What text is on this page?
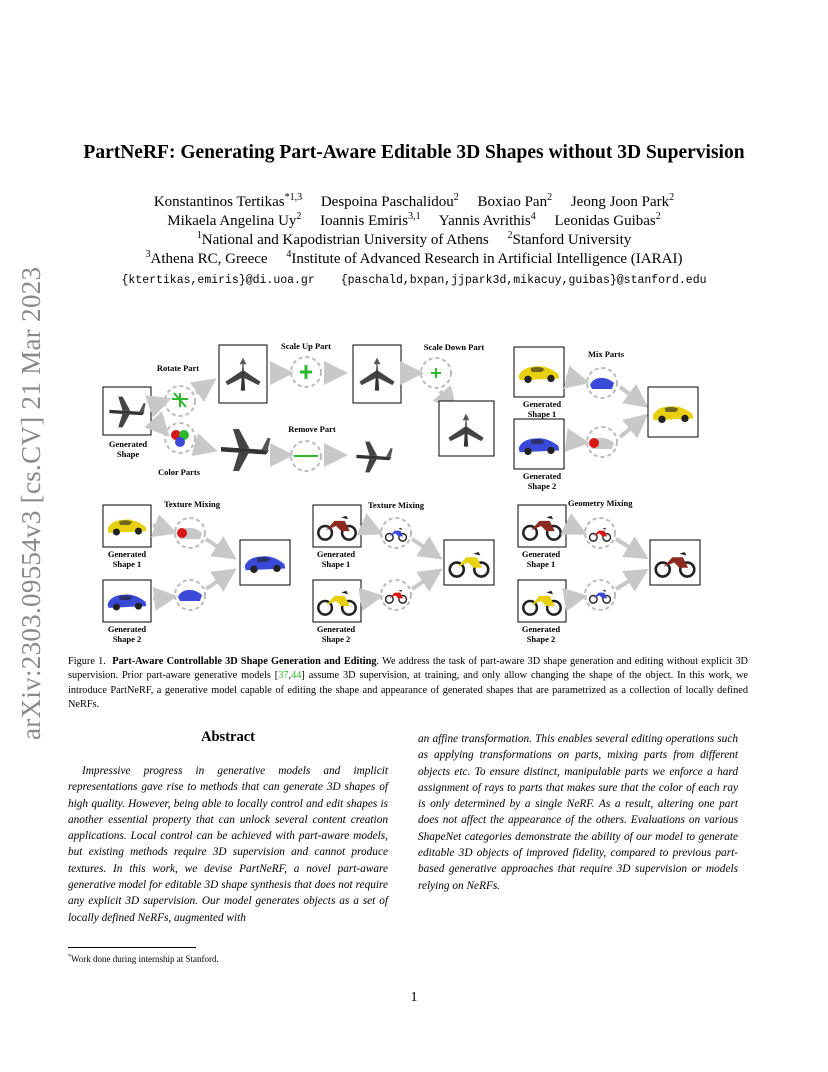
arXiv:2303.09554v3 [cs.CV] 21 Mar 2023
PartNeRF: Generating Part-Aware Editable 3D Shapes without 3D Supervision
Konstantinos Tertikas$^{*1,3}$ Despoina Paschalidou$^2$ Boxiao Pan$^2$ Jeong Joon Park$^2$
Mikaela Angelina Uy$^2$ Ioannis Emiris$^{3,1}$ Yannis Avrithis$^4$ Leonidas Guibas$^2$
$^1$National and Kapodistrian University of Athens $^2$Stanford University
$^3$Athena RC, Greece $^4$Institute of Advanced Research in Artificial Intelligence (IARAI)
{ktertikas,emiris}@di.uoa.gr {paschald,bxpan,jjpark3d,mikacuy,guibas}@stanford.edu
Generated
Shape
Rotate Part
Color Parts
Scale Up Part
Remove Part
Scale Down Part
Generated
Shape 1
Generated
Shape 2
Mix Parts
Generated
Shape 1
Generated
Shape 2
Texture Mixing
Generated
Shape 1
Generated
Shape 2
Texture Mixing
Generated
Shape 1
Generated
Shape 2
Geometry Mixing
Figure 1. Part-Aware Controllable 3D Shape Generation and Editing. We address the task of part-aware 3D shape generation and editing without explicit 3D supervision. Prior part-aware generative models [37,44] assume 3D supervision, at training, and only allow changing the shape of the object. In this work, we introduce PartNeRF, a generative model capable of editing the shape and appearance of generated shapes that are parametrized as a collection of locally defined NeRFs.
Abstract
Impressive progress in generative models and implicit representations gave rise to methods that can generate 3D shapes of high quality. However, being able to locally control and edit shapes is another essential property that can unlock several content creation applications. Local control can be achieved with part-aware models, but existing methods require 3D supervision and cannot produce textures. In this work, we devise PartNeRF, a novel part-aware generative model for editable 3D shape synthesis that does not require any explicit 3D supervision. Our model generates objects as a set of locally defined NeRFs, augmented with
an affine transformation. This enables several editing operations such as applying transformations on parts, mixing parts from different objects etc. To ensure distinct, manipulable parts we enforce a hard assignment of rays to parts that makes sure that the color of each ray is only determined by a single NeRF. As a result, altering one part does not affect the appearance of the others. Evaluations on various ShapeNet categories demonstrate the ability of our model to generate editable 3D objects of improved fidelity, compared to previous part-based generative approaches that require 3D supervision or models relying on NeRFs.
*Work done during internship at Stanford.
1
